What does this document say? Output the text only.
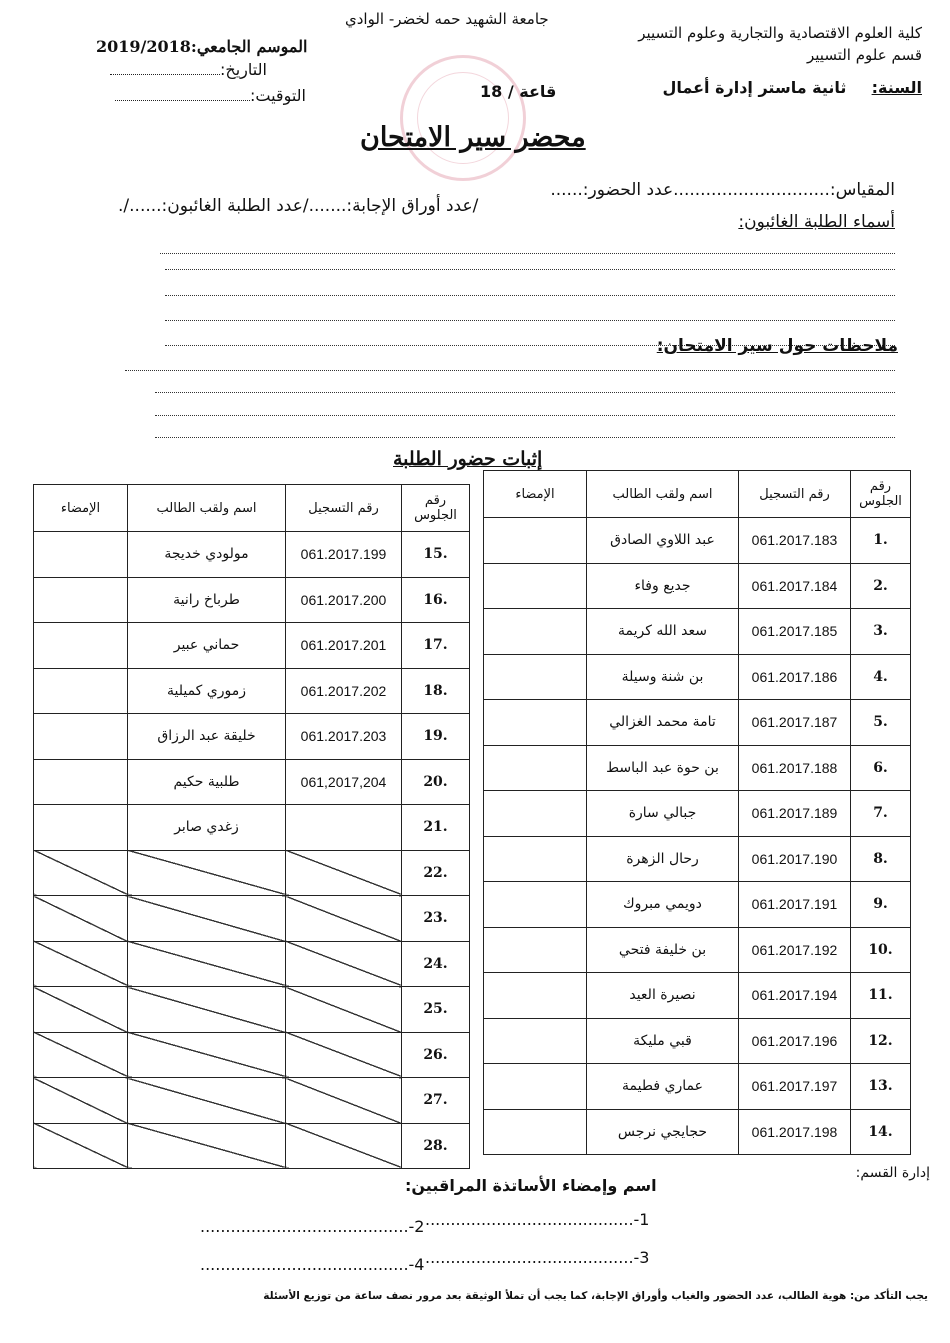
جامعة الشهيد حمه لخضر- الوادي
كلية العلوم الاقتصادية والتجارية وعلوم التسيير
قسم علوم التسيير
الموسم الجامعي:2019/2018
التاريخ:
التوقيت:	السنة:  ثانية ماستر إدارة أعمال
قاعة / 18
محضر سير الامتحان
المقياس:.............................عدد الحضور:......
/عدد أوراق الإجابة:......./عدد الطلبة الغائبون:....../.
أسماء الطلبة الغائبون:
ملاحظات حول سير الامتحان:
إثبات حضور الطلبة
رقم الجلوس	رقم التسجيل	اسم ولقب الطالب	الإمضاء
1.	061.2017.183	عبد اللاوي الصادق	
2.	061.2017.184	جديع وفاء	
3.	061.2017.185	سعد الله كريمة	
4.	061.2017.186	بن شنة وسيلة	
5.	061.2017.187	تامة محمد الغزالي	
6.	061.2017.188	بن حوة عبد الباسط	
7.	061.2017.189	جبالي سارة	
8.	061.2017.190	رحال الزهرة	
9.	061.2017.191	دويمي مبروك	
10.	061.2017.192	بن خليفة فتحي	
11.	061.2017.194	نصيرة العيد	
12.	061.2017.196	قبي مليكة	
13.	061.2017.197	عماري فطيمة	
14.	061.2017.198	حجايجي نرجس	
رقم الجلوس	رقم التسجيل	اسم ولقب الطالب	الإمضاء
15.	061.2017.199	مولودي خديجة	
16.	061.2017.200	طرباخ رانية	
17.	061.2017.201	حماني عبير	
18.	061.2017.202	زموري كميلية	
19.	061.2017.203	خليقة عبد الرزاق	
20.	061,2017,204	طلبية حكيم	
21.		زغدي صابر	
22.			
23.			
24.			
25.			
26.			
27.			
28.			
إدارة القسم:
اسم وإمضاء الأساتذة المراقبين:
1-.........................................
2-.........................................
3-.........................................
4-.........................................
يجب التأكد من: هوية الطالب، عدد الحضور والغياب وأوراق الإجابة، كما يجب أن تملأ الوثيقة بعد مرور نصف ساعة من توزيع الأسئلة
